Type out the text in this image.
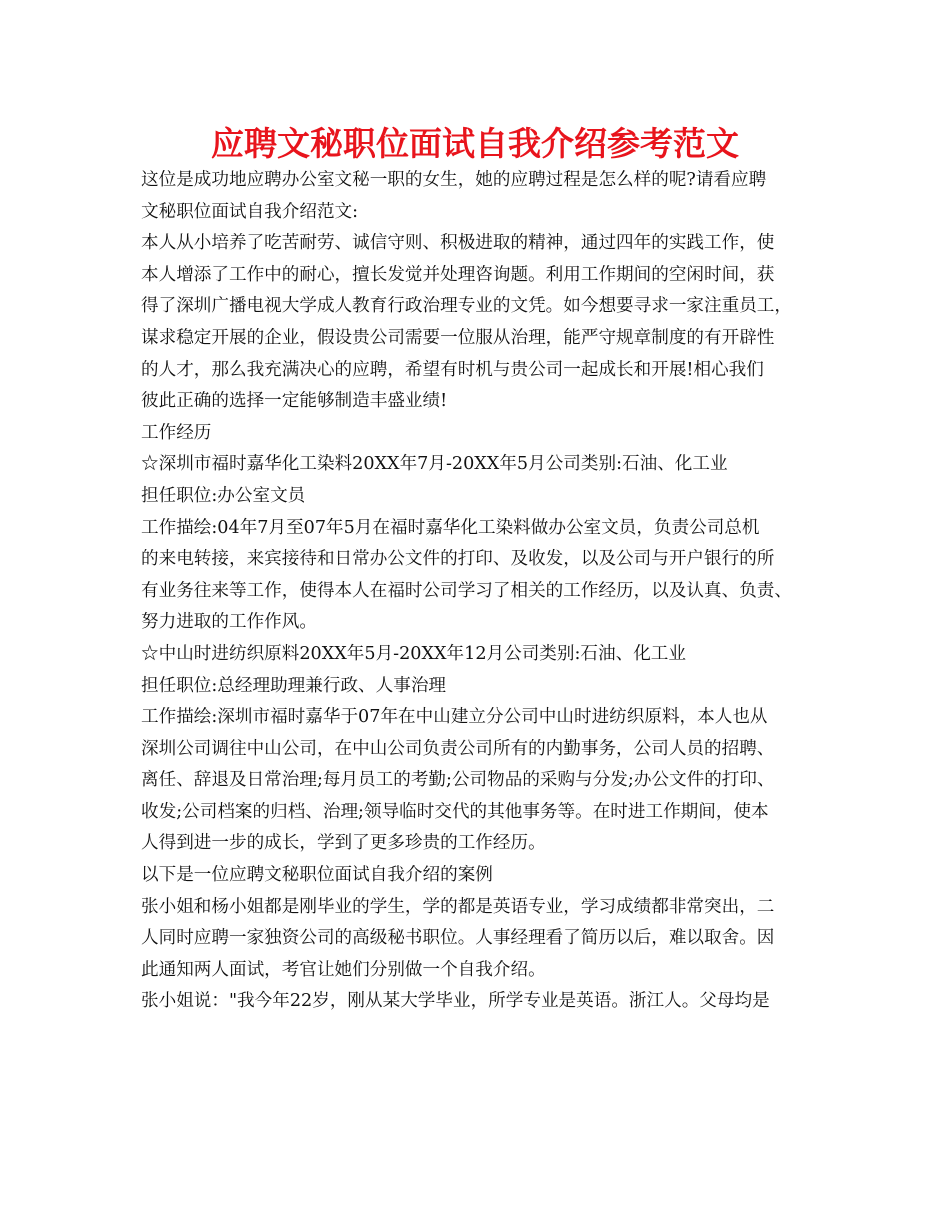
应聘文秘职位面试自我介绍参考范文
这位是成功地应聘办公室文秘一职的女生，她的应聘过程是怎么样的呢?请看应聘
文秘职位面试自我介绍范文:
本人从小培养了吃苦耐劳、诚信守则、积极进取的精神，通过四年的实践工作，使
本人增添了工作中的耐心，擅长发觉并处理咨询题。利用工作期间的空闲时间，获
得了深圳广播电视大学成人教育行政治理专业的文凭。如今想要寻求一家注重员工，
谋求稳定开展的企业，假设贵公司需要一位服从治理，能严守规章制度的有开辟性
的人才，那么我充满决心的应聘，希望有时机与贵公司一起成长和开展!相心我们
彼此正确的选择一定能够制造丰盛业绩!
工作经历
☆深圳市福时嘉华化工染料20XX年7月-20XX年5月公司类别:石油、化工业
担任职位:办公室文员
工作描绘:04年7月至07年5月在福时嘉华化工染料做办公室文员，负责公司总机
的来电转接，来宾接待和日常办公文件的打印、及收发，以及公司与开户银行的所
有业务往来等工作，使得本人在福时公司学习了相关的工作经历，以及认真、负责、
努力进取的工作作风。
☆中山时进纺织原料20XX年5月-20XX年12月公司类别:石油、化工业
担任职位:总经理助理兼行政、人事治理
工作描绘:深圳市福时嘉华于07年在中山建立分公司中山时进纺织原料，本人也从
深圳公司调往中山公司，在中山公司负责公司所有的内勤事务，公司人员的招聘、
离任、辞退及日常治理;每月员工的考勤;公司物品的采购与分发;办公文件的打印、
收发;公司档案的归档、治理;领导临时交代的其他事务等。在时进工作期间，使本
人得到进一步的成长，学到了更多珍贵的工作经历。
以下是一位应聘文秘职位面试自我介绍的案例
张小姐和杨小姐都是刚毕业的学生，学的都是英语专业，学习成绩都非常突出，二
人同时应聘一家独资公司的高级秘书职位。人事经理看了简历以后，难以取舍。因
此通知两人面试，考官让她们分别做一个自我介绍。
张小姐说："我今年22岁，刚从某大学毕业，所学专业是英语。浙江人。父母均是
